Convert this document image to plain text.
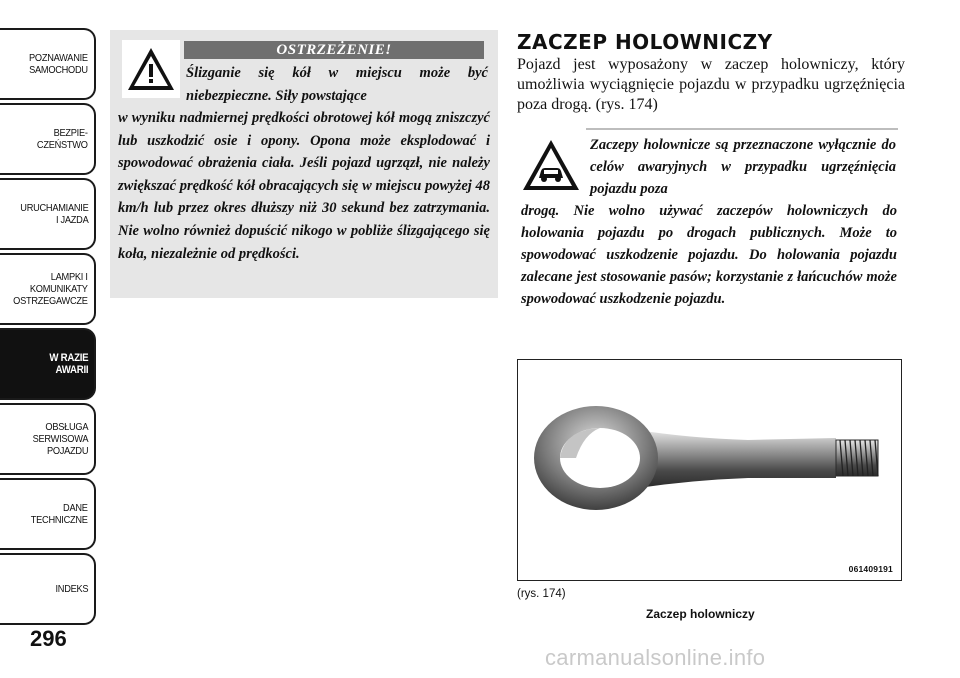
POZNAWANIE
SAMOCHODU
BEZPIE-
CZEŃSTWO
URUCHAMIANIE
I JAZDA
LAMPKI I
KOMUNIKATY
OSTRZEGAWCZE
W RAZIE
AWARII
OBSŁUGA
SERWISOWA
POJAZDU
DANE
TECHNICZNE
INDEKS
296
OSTRZEŻENIE!
Ślizganie się kół w miejscu może być niebezpieczne. Siły powstające
w wyniku nadmiernej prędkości obrotowej kół mogą zniszczyć lub uszkodzić osie i opony. Opona może eksplodować i spowodować obrażenia ciała. Jeśli pojazd ugrzązł, nie należy zwiększać prędkość kół obracających się w miejscu powyżej 48 km/h lub przez okres dłuższy niż 30 sekund bez zatrzymania. Nie wolno również dopuścić nikogo w pobliże ślizgającego się koła, niezależnie od prędkości.
ZACZEP HOLOWNICZY
Pojazd jest wyposażony w zaczep holowniczy, który umożliwia wyciągnięcie pojazdu w przypadku ugrzęźnięcia poza drogą. (rys. 174)
Zaczepy holownicze są przeznaczone wyłącznie do celów awaryjnych w przypadku ugrzęźnięcia pojazdu poza
drogą. Nie wolno używać zaczepów holowniczych do holowania pojazdu po drogach publicznych. Może to spowodować uszkodzenie pojazdu. Do holowania pojazdu zalecane jest stosowanie pasów; korzystanie z łańcuchów może spowodować uszkodzenie pojazdu.
061409191
(rys. 174)
Zaczep holowniczy
carmanualsonline.info
